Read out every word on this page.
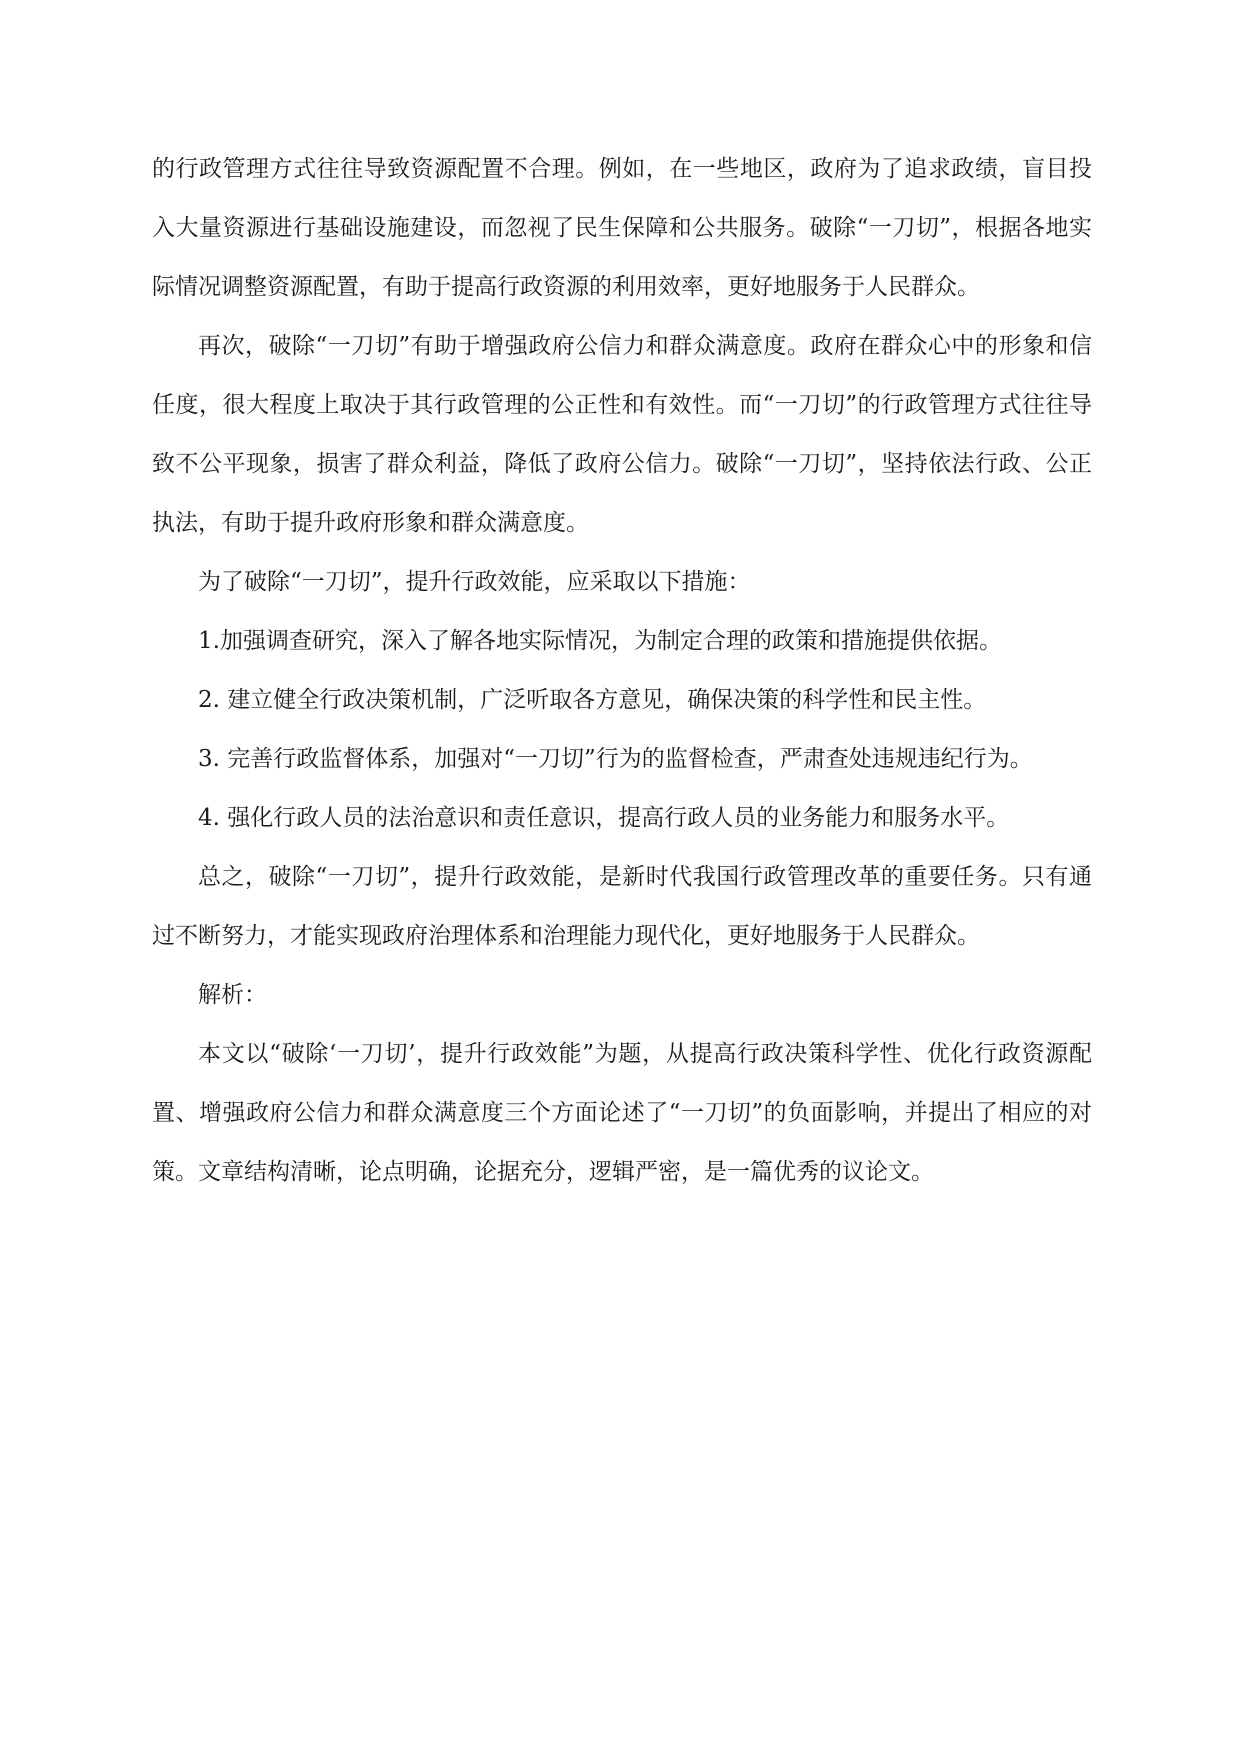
的行政管理方式往往导致资源配置不合理。例如，在一些地区，政府为了追求政绩，盲目投入大量资源进行基础设施建设，而忽视了民生保障和公共服务。破除“一刀切”，根据各地实际情况调整资源配置，有助于提高行政资源的利用效率，更好地服务于人民群众。

再次，破除“一刀切”有助于增强政府公信力和群众满意度。政府在群众心中的形象和信任度，很大程度上取决于其行政管理的公正性和有效性。而“一刀切”的行政管理方式往往导致不公平现象，损害了群众利益，降低了政府公信力。破除“一刀切”，坚持依法行政、公正执法，有助于提升政府形象和群众满意度。

为了破除“一刀切”，提升行政效能，应采取以下措施：

1.加强调查研究，深入了解各地实际情况，为制定合理的政策和措施提供依据。

2. 建立健全行政决策机制，广泛听取各方意见，确保决策的科学性和民主性。

3. 完善行政监督体系，加强对“一刀切”行为的监督检查，严肃查处违规违纪行为。

4. 强化行政人员的法治意识和责任意识，提高行政人员的业务能力和服务水平。

总之，破除“一刀切”，提升行政效能，是新时代我国行政管理改革的重要任务。只有通过不断努力，才能实现政府治理体系和治理能力现代化，更好地服务于人民群众。

解析：

本文以“破除‘一刀切’，提升行政效能”为题，从提高行政决策科学性、优化行政资源配置、增强政府公信力和群众满意度三个方面论述了“一刀切”的负面影响，并提出了相应的对策。文章结构清晰，论点明确，论据充分，逻辑严密，是一篇优秀的议论文。
